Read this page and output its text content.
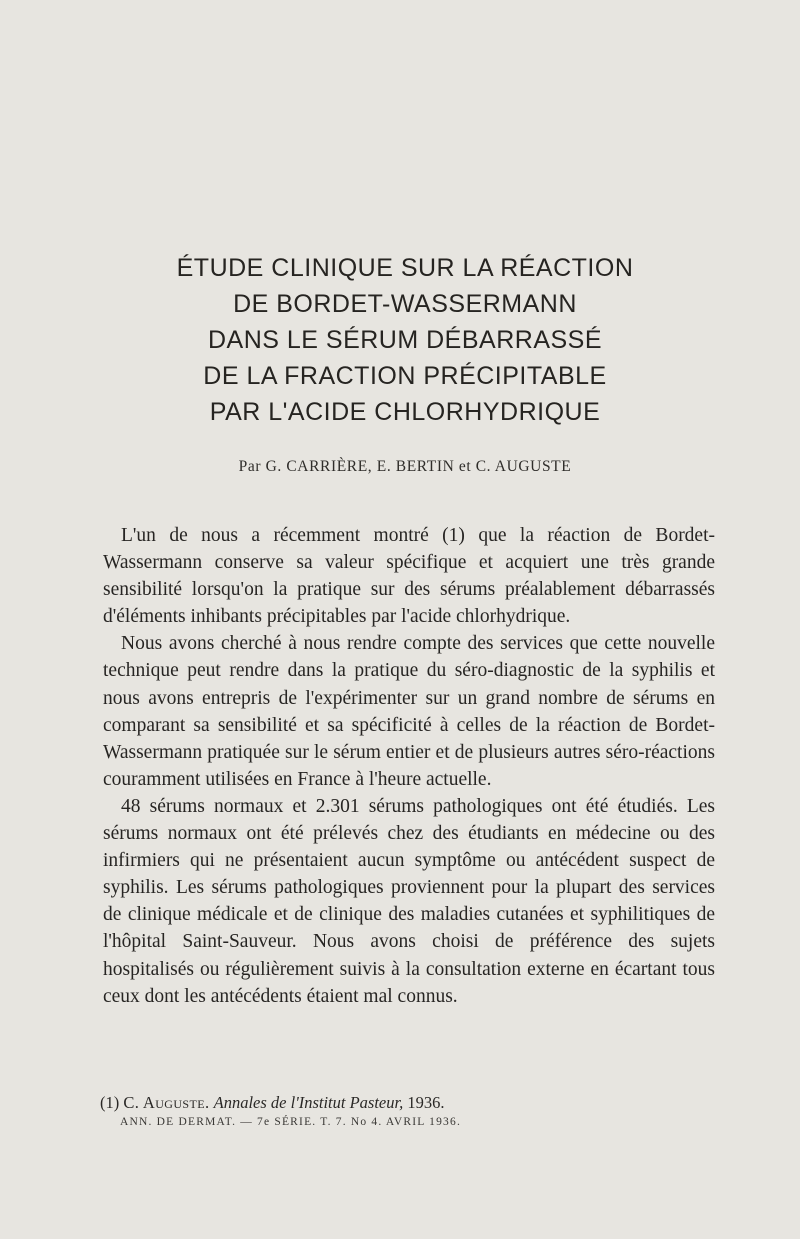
ÉTUDE CLINIQUE SUR LA RÉACTION
DE BORDET-WASSERMANN
DANS LE SÉRUM DÉBARRASSÉ
DE LA FRACTION PRÉCIPITABLE
PAR L'ACIDE CHLORHYDRIQUE
Par G. CARRIÈRE, E. BERTIN et C. AUGUSTE

L'un de nous a récemment montré (1) que la réaction de Bordet-Wassermann conserve sa valeur spécifique et acquiert une très grande sensibilité lorsqu'on la pratique sur des sérums préalablement débarrassés d'éléments inhibants précipitables par l'acide chlorhydrique.

Nous avons cherché à nous rendre compte des services que cette nouvelle technique peut rendre dans la pratique du séro-diagnostic de la syphilis et nous avons entrepris de l'expérimenter sur un grand nombre de sérums en comparant sa sensibilité et sa spécificité à celles de la réaction de Bordet-Wassermann pratiquée sur le sérum entier et de plusieurs autres séro-réactions couramment utilisées en France à l'heure actuelle.

48 sérums normaux et 2.301 sérums pathologiques ont été étudiés. Les sérums normaux ont été prélevés chez des étudiants en médecine ou des infirmiers qui ne présentaient aucun symptôme ou antécédent suspect de syphilis. Les sérums pathologiques proviennent pour la plupart des services de clinique médicale et de clinique des maladies cutanées et syphilitiques de l'hôpital Saint-Sauveur. Nous avons choisi de préférence des sujets hospitalisés ou régulièrement suivis à la consultation externe en écartant tous ceux dont les antécédents étaient mal connus.

(1) C. Auguste. Annales de l'Institut Pasteur, 1936.
ANN. DE DERMAT. — 7e SÉRIE. T. 7. No 4. AVRIL 1936.
